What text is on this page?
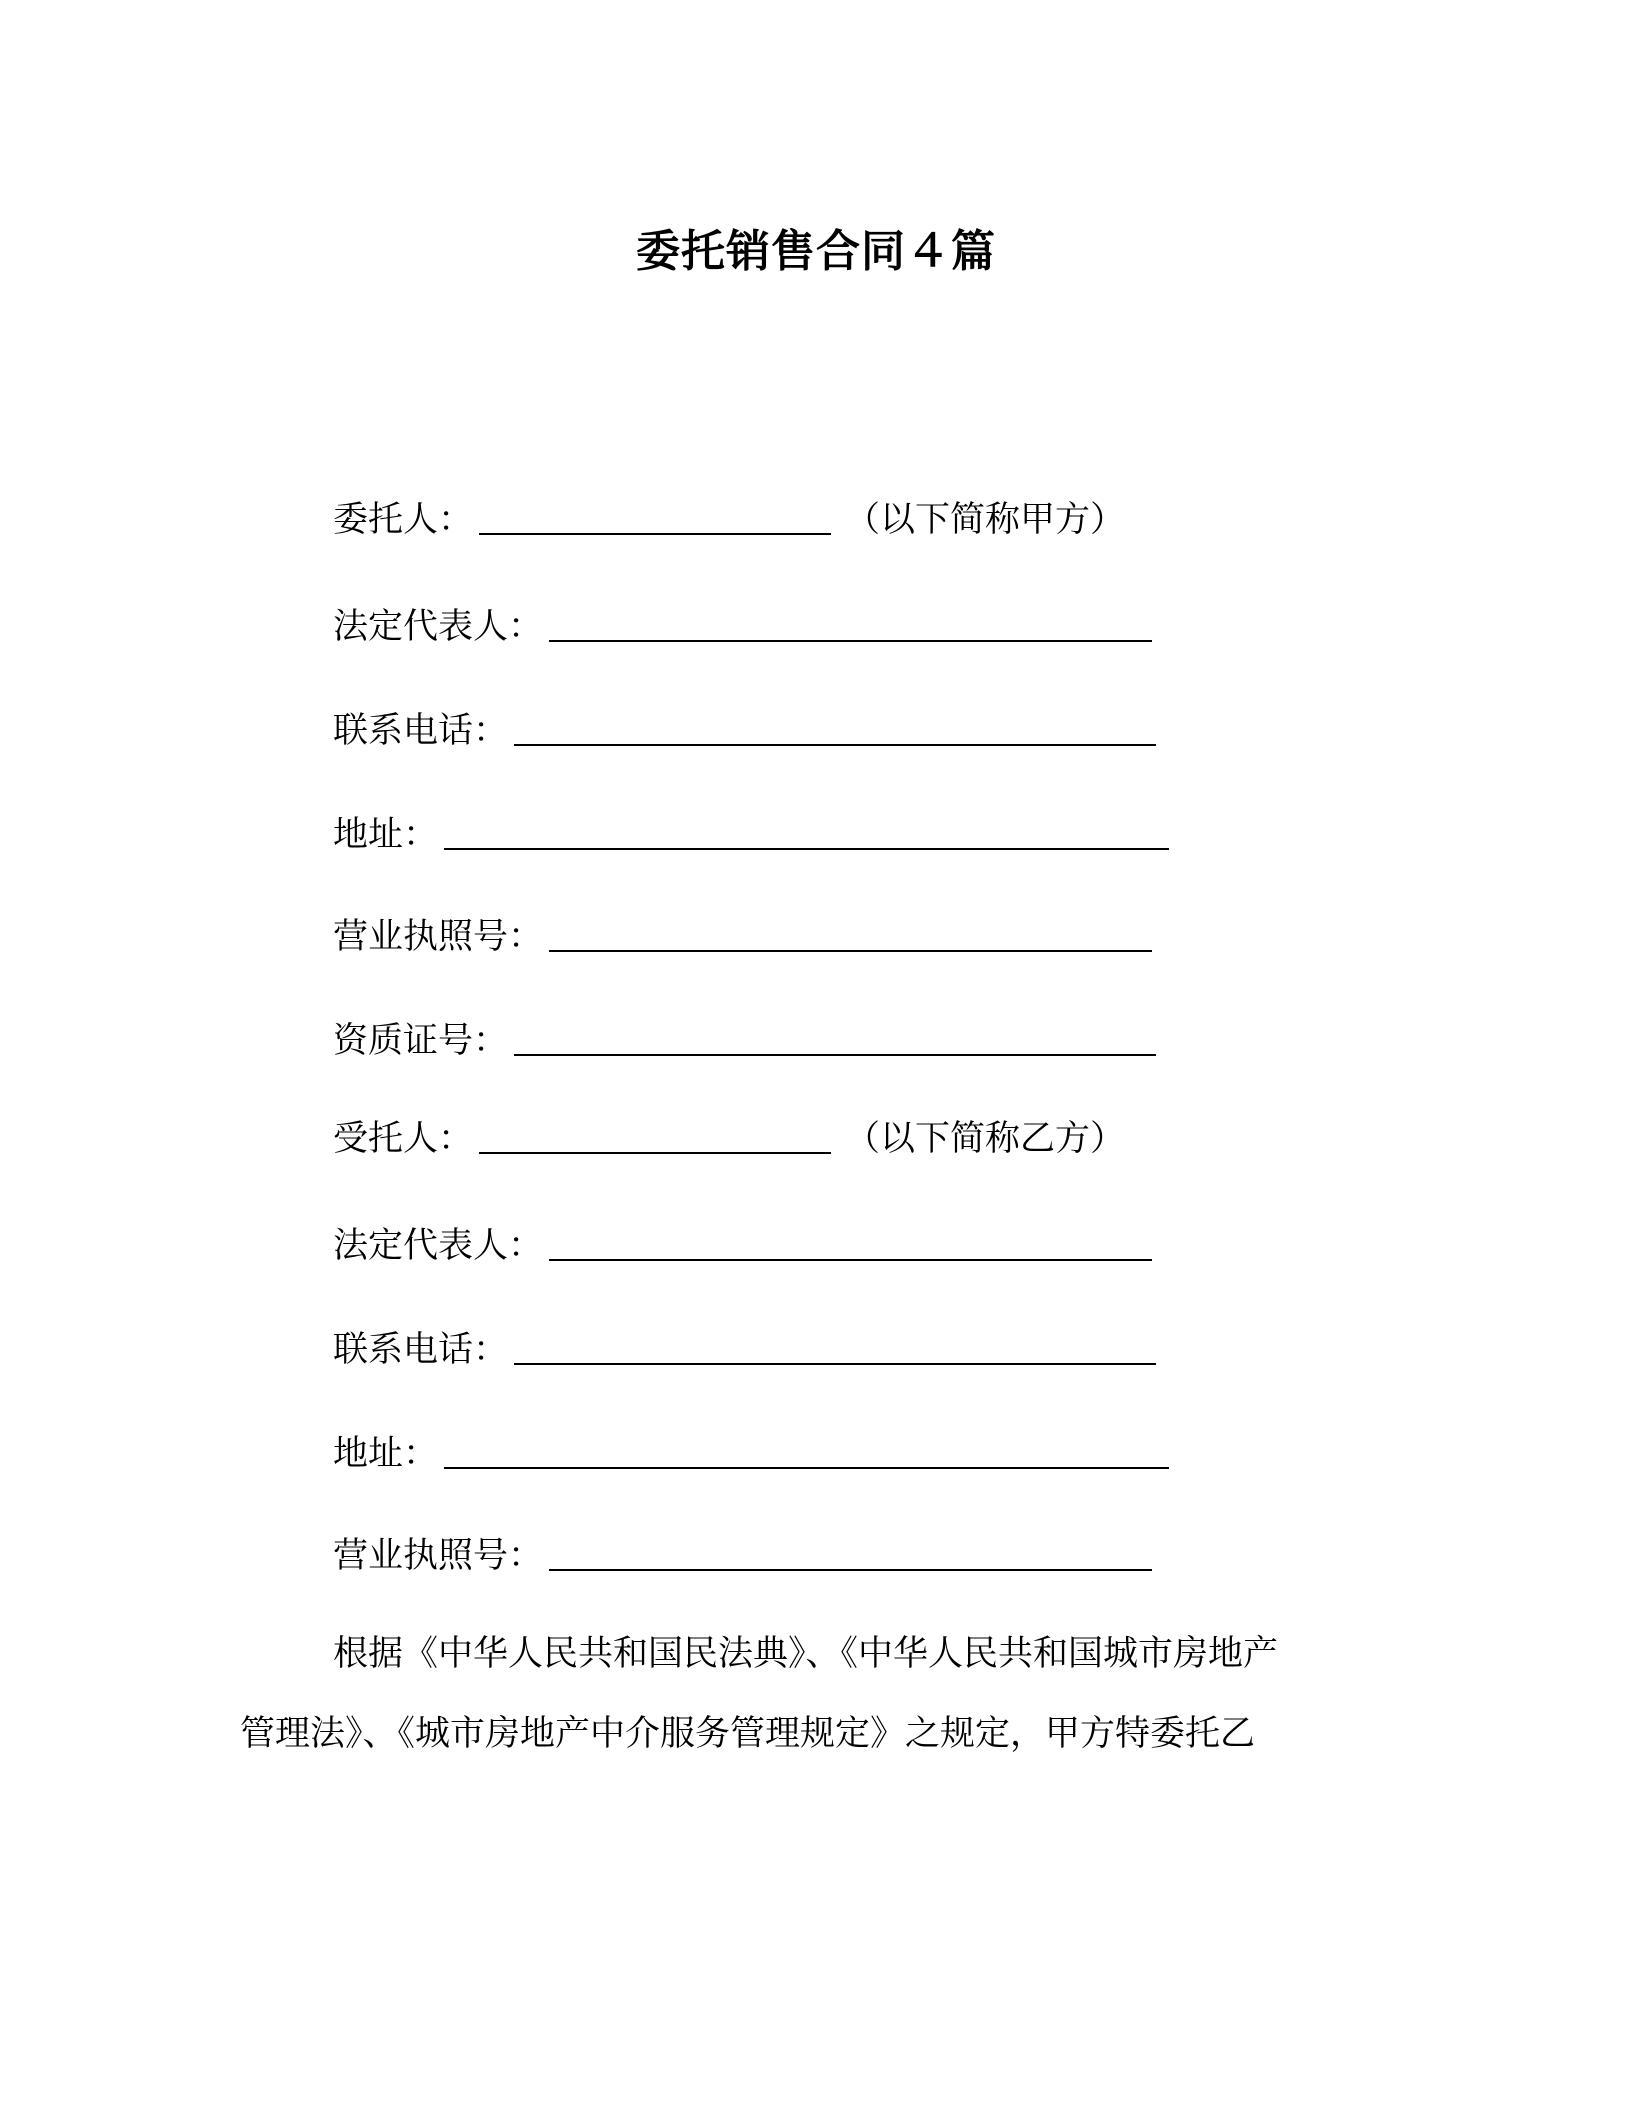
委托销售合同４篇
委托人：	（以下简称甲方）
法定代表人：
联系电话：
地址：
营业执照号：
资质证号：
受托人：	（以下简称乙方）
法定代表人：
联系电话：
地址：
营业执照号：
根据《中华人民共和国民法典》、《中华人民共和国城市房地产
管理法》、《城市房地产中介服务管理规定》之规定，甲方特委托乙
